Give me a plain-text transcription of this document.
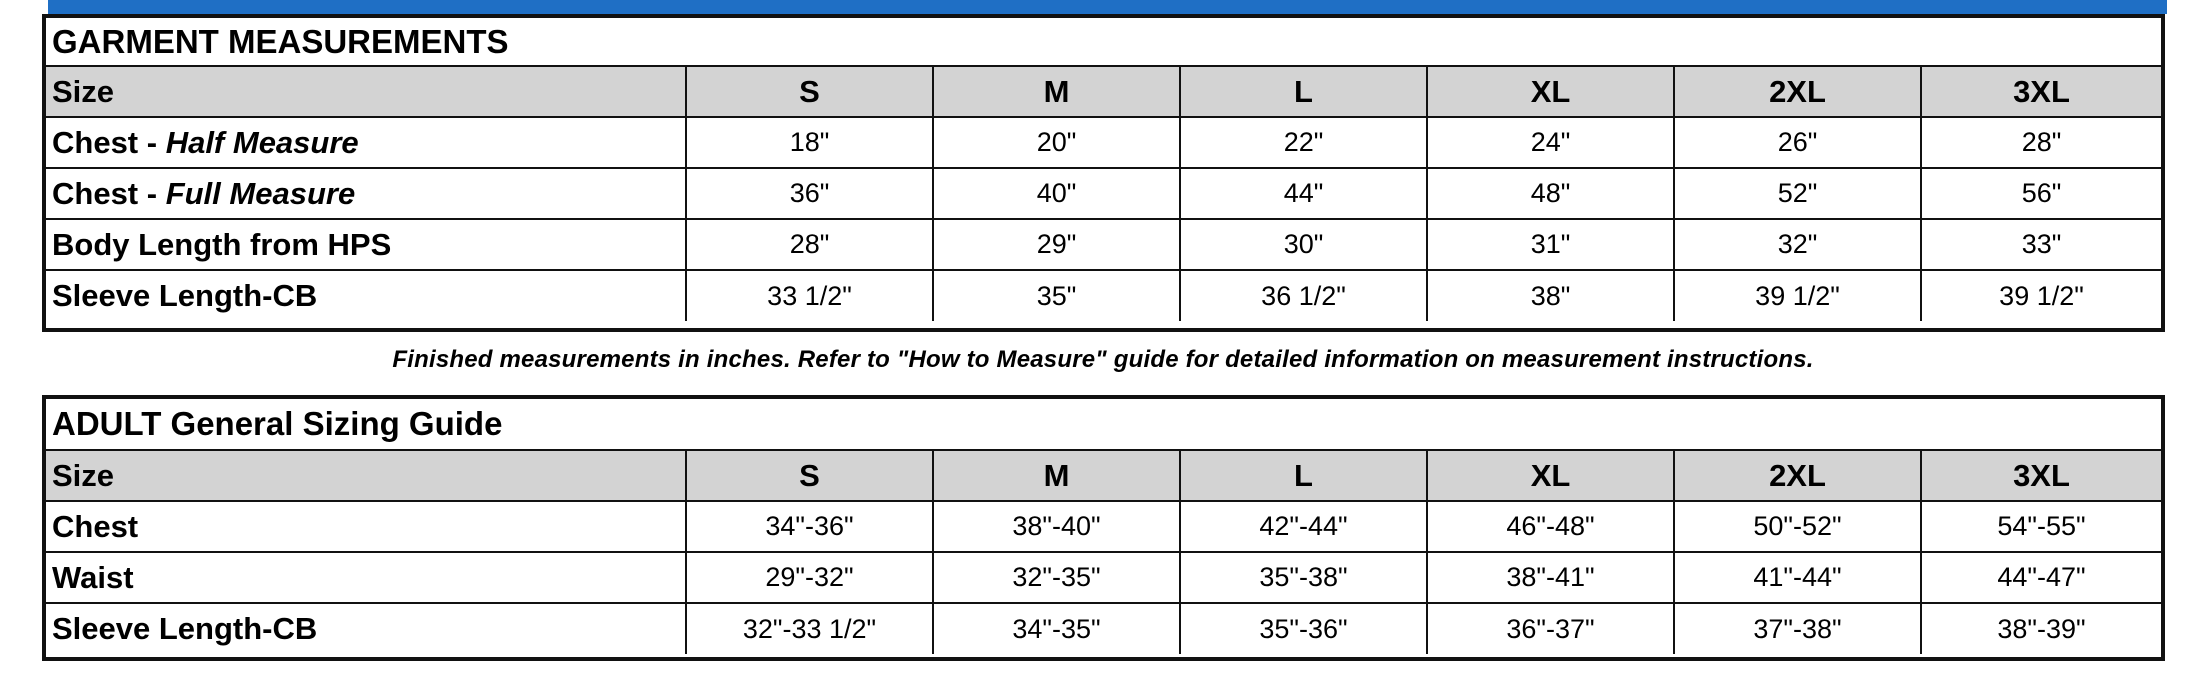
GARMENT MEASUREMENTS						
Size	S	M	L	XL	2XL	3XL
Chest - Half Measure	18"	20"	22"	24"	26"	28"
Chest - Full Measure	36"	40"	44"	48"	52"	56"
Body Length from HPS	28"	29"	30"	31"	32"	33"
Sleeve Length-CB	33 1/2"	35"	36 1/2"	38"	39 1/2"	39 1/2"
Finished measurements in inches. Refer to "How to Measure" guide for detailed information on measurement instructions.
ADULT General Sizing Guide						
Size	S	M	L	XL	2XL	3XL
Chest	34"-36"	38"-40"	42"-44"	46"-48"	50"-52"	54"-55"
Waist	29"-32"	32"-35"	35"-38"	38"-41"	41"-44"	44"-47"
Sleeve Length-CB	32"-33 1/2"	34"-35"	35"-36"	36"-37"	37"-38"	38"-39"
